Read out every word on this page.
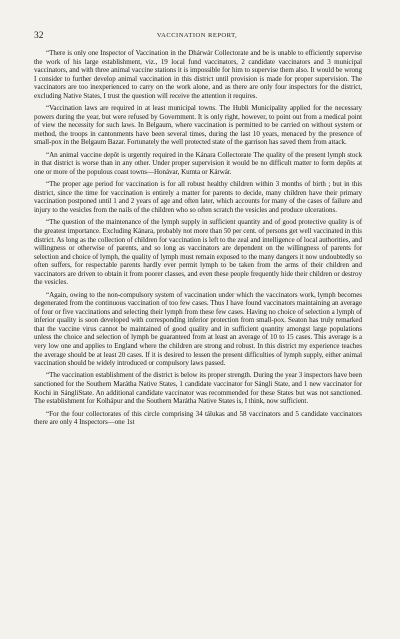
32	VACCINATION REPORT,

“There is only one Inspector of Vaccination in the Dhárwár Collectorate and be is unable to efficiently supervise the work of his large establishment, viz., 19 local fund vaccinators, 2 candidate vaccinators and 3 municipal vaccinators, and with three animal vaccine stations it is impossible for him to supervise them also. It would be wrong I consider to further develop animal vaccination in this district until provision is made for proper supervision. The vaccinators are too inexperienced to carry on the work alone, and as there are only four inspectors for the district, excluding Native States, I trust the question will receive the attention it requires.

“Vaccination laws are required in at least municipal towns. The Hubli Municipality applied for the necessary powers during the year, but were refused by Government. It is only right, however, to point out from a medical point of view the necessity for such laws. In Belgaum, where vaccination is permitted to be carried on without system or method, the troops in cantonments have been several times, during the last 10 years, menaced by the presence of small-pox in the Belgaum Bazar. Fortunately the well protected state of the garrison has saved them from attack.

“An animal vaccine depôt is urgently required in the Kánara Collectorate The quality of the present lymph stock in that district is worse than in any other. Under proper supervision it would be no difficult matter to form depôts at one or more of the populous coast towns—Honávar, Kumta or Kárwár.

“The proper age period for vaccination is for all robust healthy children within 3 months of birth ; but in this district, since the time for vaccination is entirely a matter for parents to decide, many children have their primary vaccination postponed until 1 and 2 years of age and often later, which accounts for many of the cases of failure and injury to the vesicles from the nails of the children who so often scratch the vesicles and produce ulcerations.

“The question of the maintenance of the lymph supply in sufficient quantity and of good protective quality is of the greatest importance. Excluding Kánara, probably not more than 50 per cent. of persons get well vaccinated in this district. As long as the collection of children for vaccination is left to the zeal and intelligence of local authorities, and willingness or otherwise of parents, and so long as vaccinators are dependent on the willingness of parents for selection and choice of lymph, the quality of lymph must remain exposed to the many dangers it now undoubtedly so often suffers, for respectable parents hardly ever permit lymph to be taken from the arms of their children and vaccinators are driven to obtain it from poorer classes, and even these people frequently hide their children or destroy the vesicles.

“Again, owing to the non-compulsory system of vaccination under which the vaccinators work, lymph becomes degenerated from the continuous vaccination of too few cases. Thus I have found vaccinators maintaining an average of four or five vaccinations and selecting their lymph from these few cases. Having no choice of selection a lymph of inferior quality is soon developed with corresponding inferior protection from small-pox. Seaton has truly remarked that the vaccine virus cannot be maintained of good quality and in sufficient quantity amongst large populations unless the choice and selection of lymph be guaranteed from at least an average of 10 to 15 cases. This average is a very low one and applies to England where the children are strong and robust. In this district my experience teaches the average should be at least 20 cases. If it is desired to lessen the present difficulties of lymph supply, either animal vaccination should be widely introduced or compulsory laws passed.

“The vaccination establishment of the district is below its proper strength. During the year 3 inspectors have been sanctioned for the Southern Marátha Native States, 1 candidate vaccinator for Sángli State, and 1 new vaccinator for Kochi in SángliState. An additional candidate vaccinator was recommended for these States but was not sanctioned. The establishment for Kolhápur and the Southern Marátha Native States is, I think, now sufficient.

“For the four collectorates of this circle comprising 34 tálukas and 58 vaccinators and 5 candidate vaccinators there are only 4 Inspectors—one 1st
